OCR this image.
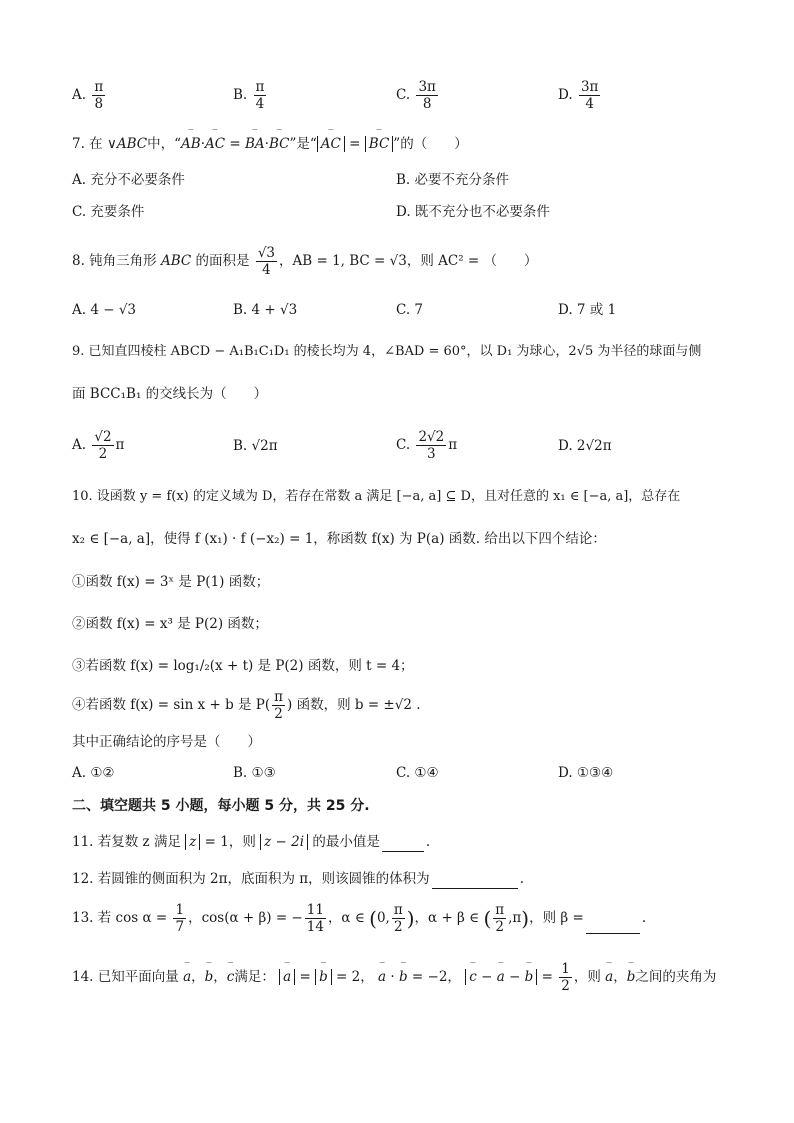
A. $\frac{\pi}{8}$	B. $\frac{\pi}{4}$	C. $\frac{3\pi}{8}$	D. $\frac{3\pi}{4}$
7. 在 ∨ABC中，“‾ AB·‾ AC = ‾ BA·‾ BC”是“ ‾ AC = ‾ BC ”的（　　）
A. 充分不必要条件	B. 必要不充分条件
C. 充要条件	D. 既不充分也不必要条件
8. 钝角三角形 ABC 的面积是 $\frac{√3}{4}$ ，AB = 1, BC = √3，则 AC² = （　　）
A. 4 − √3	B. 4 + √3	C. 7	D. 7 或 1
9. 已知直四棱柱 ABCD − A₁B₁C₁D₁ 的棱长均为 4，∠BAD = 60°，以 D₁ 为球心，2√5 为半径的球面与侧
面 BCC₁B₁ 的交线长为（　　）
A. $\frac{√2}{2}$ π	B. √2π	C. $\frac{2√2}{3}$ π	D. 2√2π
10. 设函数 y = f(x) 的定义域为 D，若存在常数 a 满足 [−a, a] ⊆ D，且对任意的 x₁ ∈ [−a, a]，总存在
x₂ ∈ [−a, a]，使得 f (x₁) · f (−x₂) = 1，称函数 f(x) 为 P(a) 函数. 给出以下四个结论：
①函数 f(x) = 3ˣ 是 P(1) 函数；
②函数 f(x) = x³ 是 P(2) 函数；
③若函数 f(x) = log₁/₂(x + t) 是 P(2) 函数，则 t = 4；
④若函数 f(x) = sin x + b 是 $P( \frac{\pi}{2}$ ) 函数，则 b = ±√2 .
其中正确结论的序号是（　　）
A. ①②	B. ①③	C. ①④	D. ①③④
二、填空题共 5 小题，每小题 5 分，共 25 分.
11. 若复数 z 满足 z = 1，则 z − 2i 的最小值是	.
12. 若圆锥的侧面积为 2π，底面积为 π，则该圆锥的体积为	.
13. 若 $\cos \alpha = \frac{1}{7}$ ，cos(α + β) = − $\frac{11}{14}$ ，α ∈ (0, $\frac{\pi}{2}$ )，α + β ∈ ( $\frac{\pi}{2} ,\pi$)，则 β =	.
14. 已知平面向量 ‾ a，‾ b，‾ c满足： ‾ a = ‾ b = 2， ‾ a · ‾ b = −2， ‾ c − ‾ a − ‾ $b = \frac{1}{2}$ ，则 ‾ a，‾ b之间的夹角为
